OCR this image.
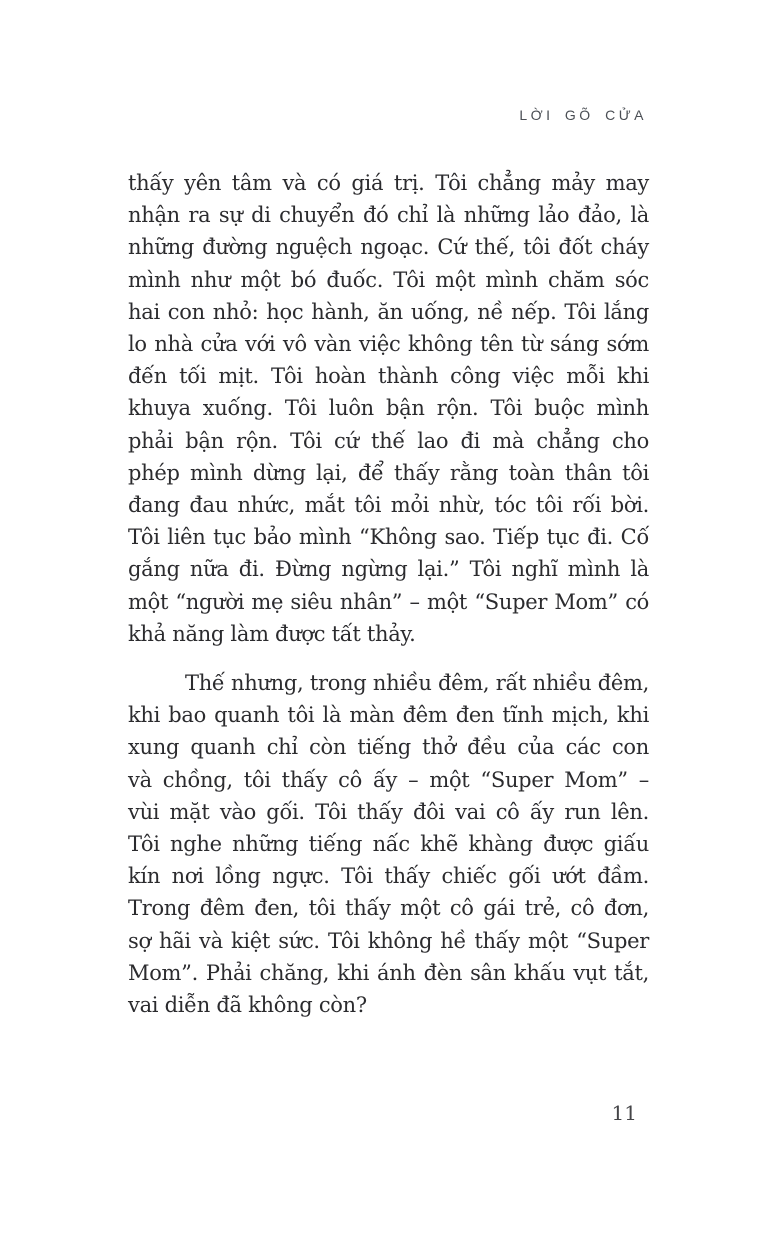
LỜI GÕ CỬA
thấy yên tâm và có giá trị. Tôi chẳng mảy may
nhận ra sự di chuyển đó chỉ là những lảo đảo, là
những đường nguệch ngoạc. Cứ thế, tôi đốt cháy
mình như một bó đuốc. Tôi một mình chăm sóc
hai con nhỏ: học hành, ăn uống, nề nếp. Tôi lắng
lo nhà cửa với vô vàn việc không tên từ sáng sớm
đến tối mịt. Tôi hoàn thành công việc mỗi khi
khuya xuống. Tôi luôn bận rộn. Tôi buộc mình
phải bận rộn. Tôi cứ thế lao đi mà chẳng cho
phép mình dừng lại, để thấy rằng toàn thân tôi
đang đau nhức, mắt tôi mỏi nhừ, tóc tôi rối bời.
Tôi liên tục bảo mình “Không sao. Tiếp tục đi. Cố
gắng nữa đi. Đừng ngừng lại.” Tôi nghĩ mình là
một “người mẹ siêu nhân” – một “Super Mom” có
khả năng làm được tất thảy.
Thế nhưng, trong nhiều đêm, rất nhiều đêm,
khi bao quanh tôi là màn đêm đen tĩnh mịch, khi
xung quanh chỉ còn tiếng thở đều của các con
và chồng, tôi thấy cô ấy – một “Super Mom” –
vùi mặt vào gối. Tôi thấy đôi vai cô ấy run lên.
Tôi nghe những tiếng nấc khẽ khàng được giấu
kín nơi lồng ngực. Tôi thấy chiếc gối ướt đầm.
Trong đêm đen, tôi thấy một cô gái trẻ, cô đơn,
sợ hãi và kiệt sức. Tôi không hề thấy một “Super
Mom”. Phải chăng, khi ánh đèn sân khấu vụt tắt,
vai diễn đã không còn?
11
